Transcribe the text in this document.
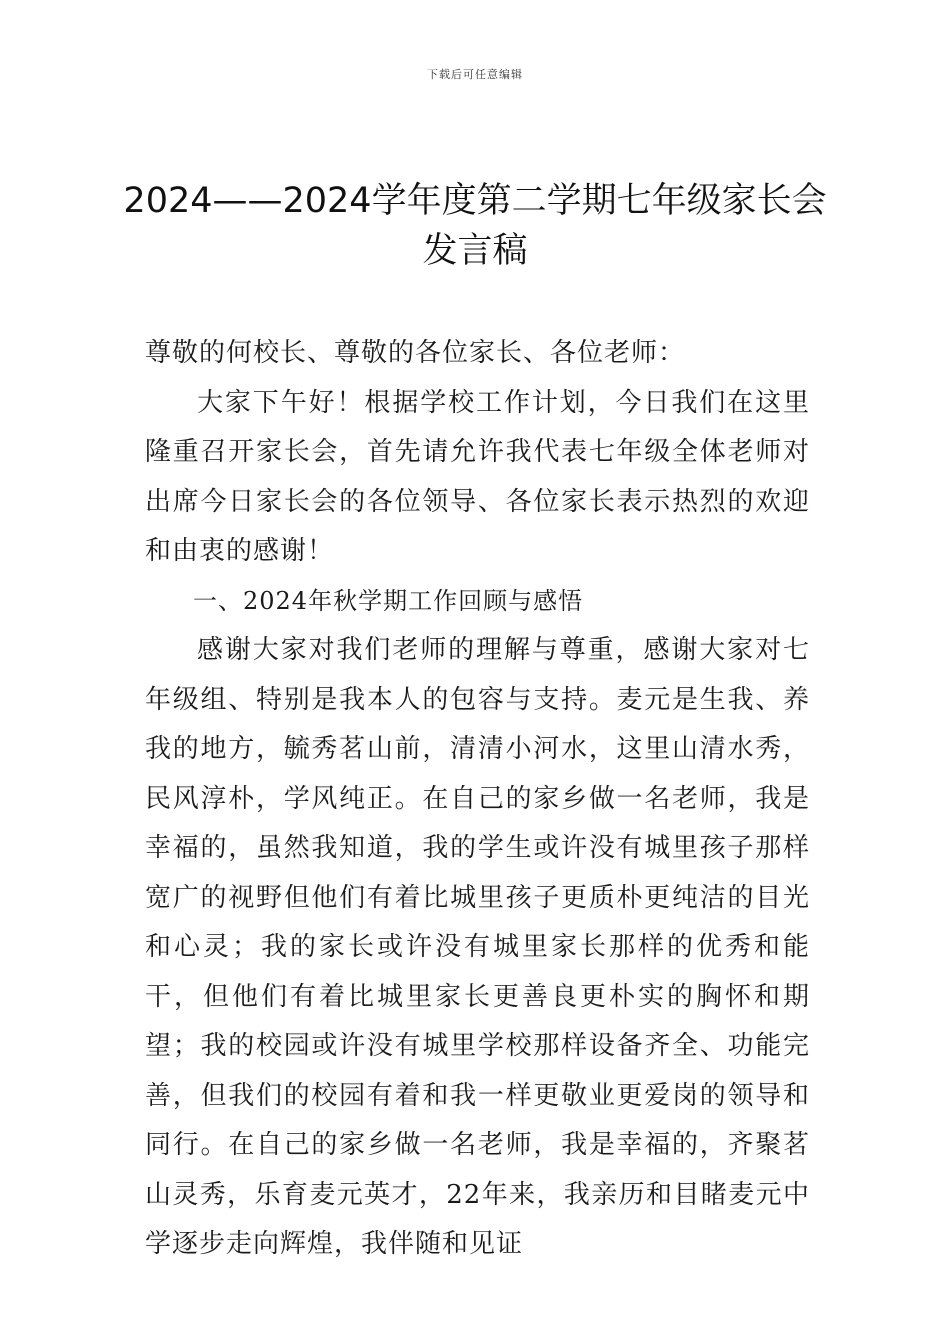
下载后可任意编辑
2024——2024学年度第二学期七年级家长会发言稿

尊敬的何校长、尊敬的各位家长、各位老师：

大家下午好！根据学校工作计划，今日我们在这里隆重召开家长会，首先请允许我代表七年级全体老师对出席今日家长会的各位领导、各位家长表示热烈的欢迎和由衷的感谢！

一、2024年秋学期工作回顾与感悟

感谢大家对我们老师的理解与尊重，感谢大家对七年级组、特别是我本人的包容与支持。麦元是生我、养我的地方，毓秀茗山前，清清小河水，这里山清水秀，民风淳朴，学风纯正。在自己的家乡做一名老师，我是幸福的，虽然我知道，我的学生或许没有城里孩子那样宽广的视野但他们有着比城里孩子更质朴更纯洁的目光和心灵；我的家长或许没有城里家长那样的优秀和能干，但他们有着比城里家长更善良更朴实的胸怀和期望；我的校园或许没有城里学校那样设备齐全、功能完善，但我们的校园有着和我一样更敬业更爱岗的领导和同行。在自己的家乡做一名老师，我是幸福的，齐聚茗山灵秀，乐育麦元英才，22年来，我亲历和目睹麦元中学逐步走向辉煌，我伴随和见证
